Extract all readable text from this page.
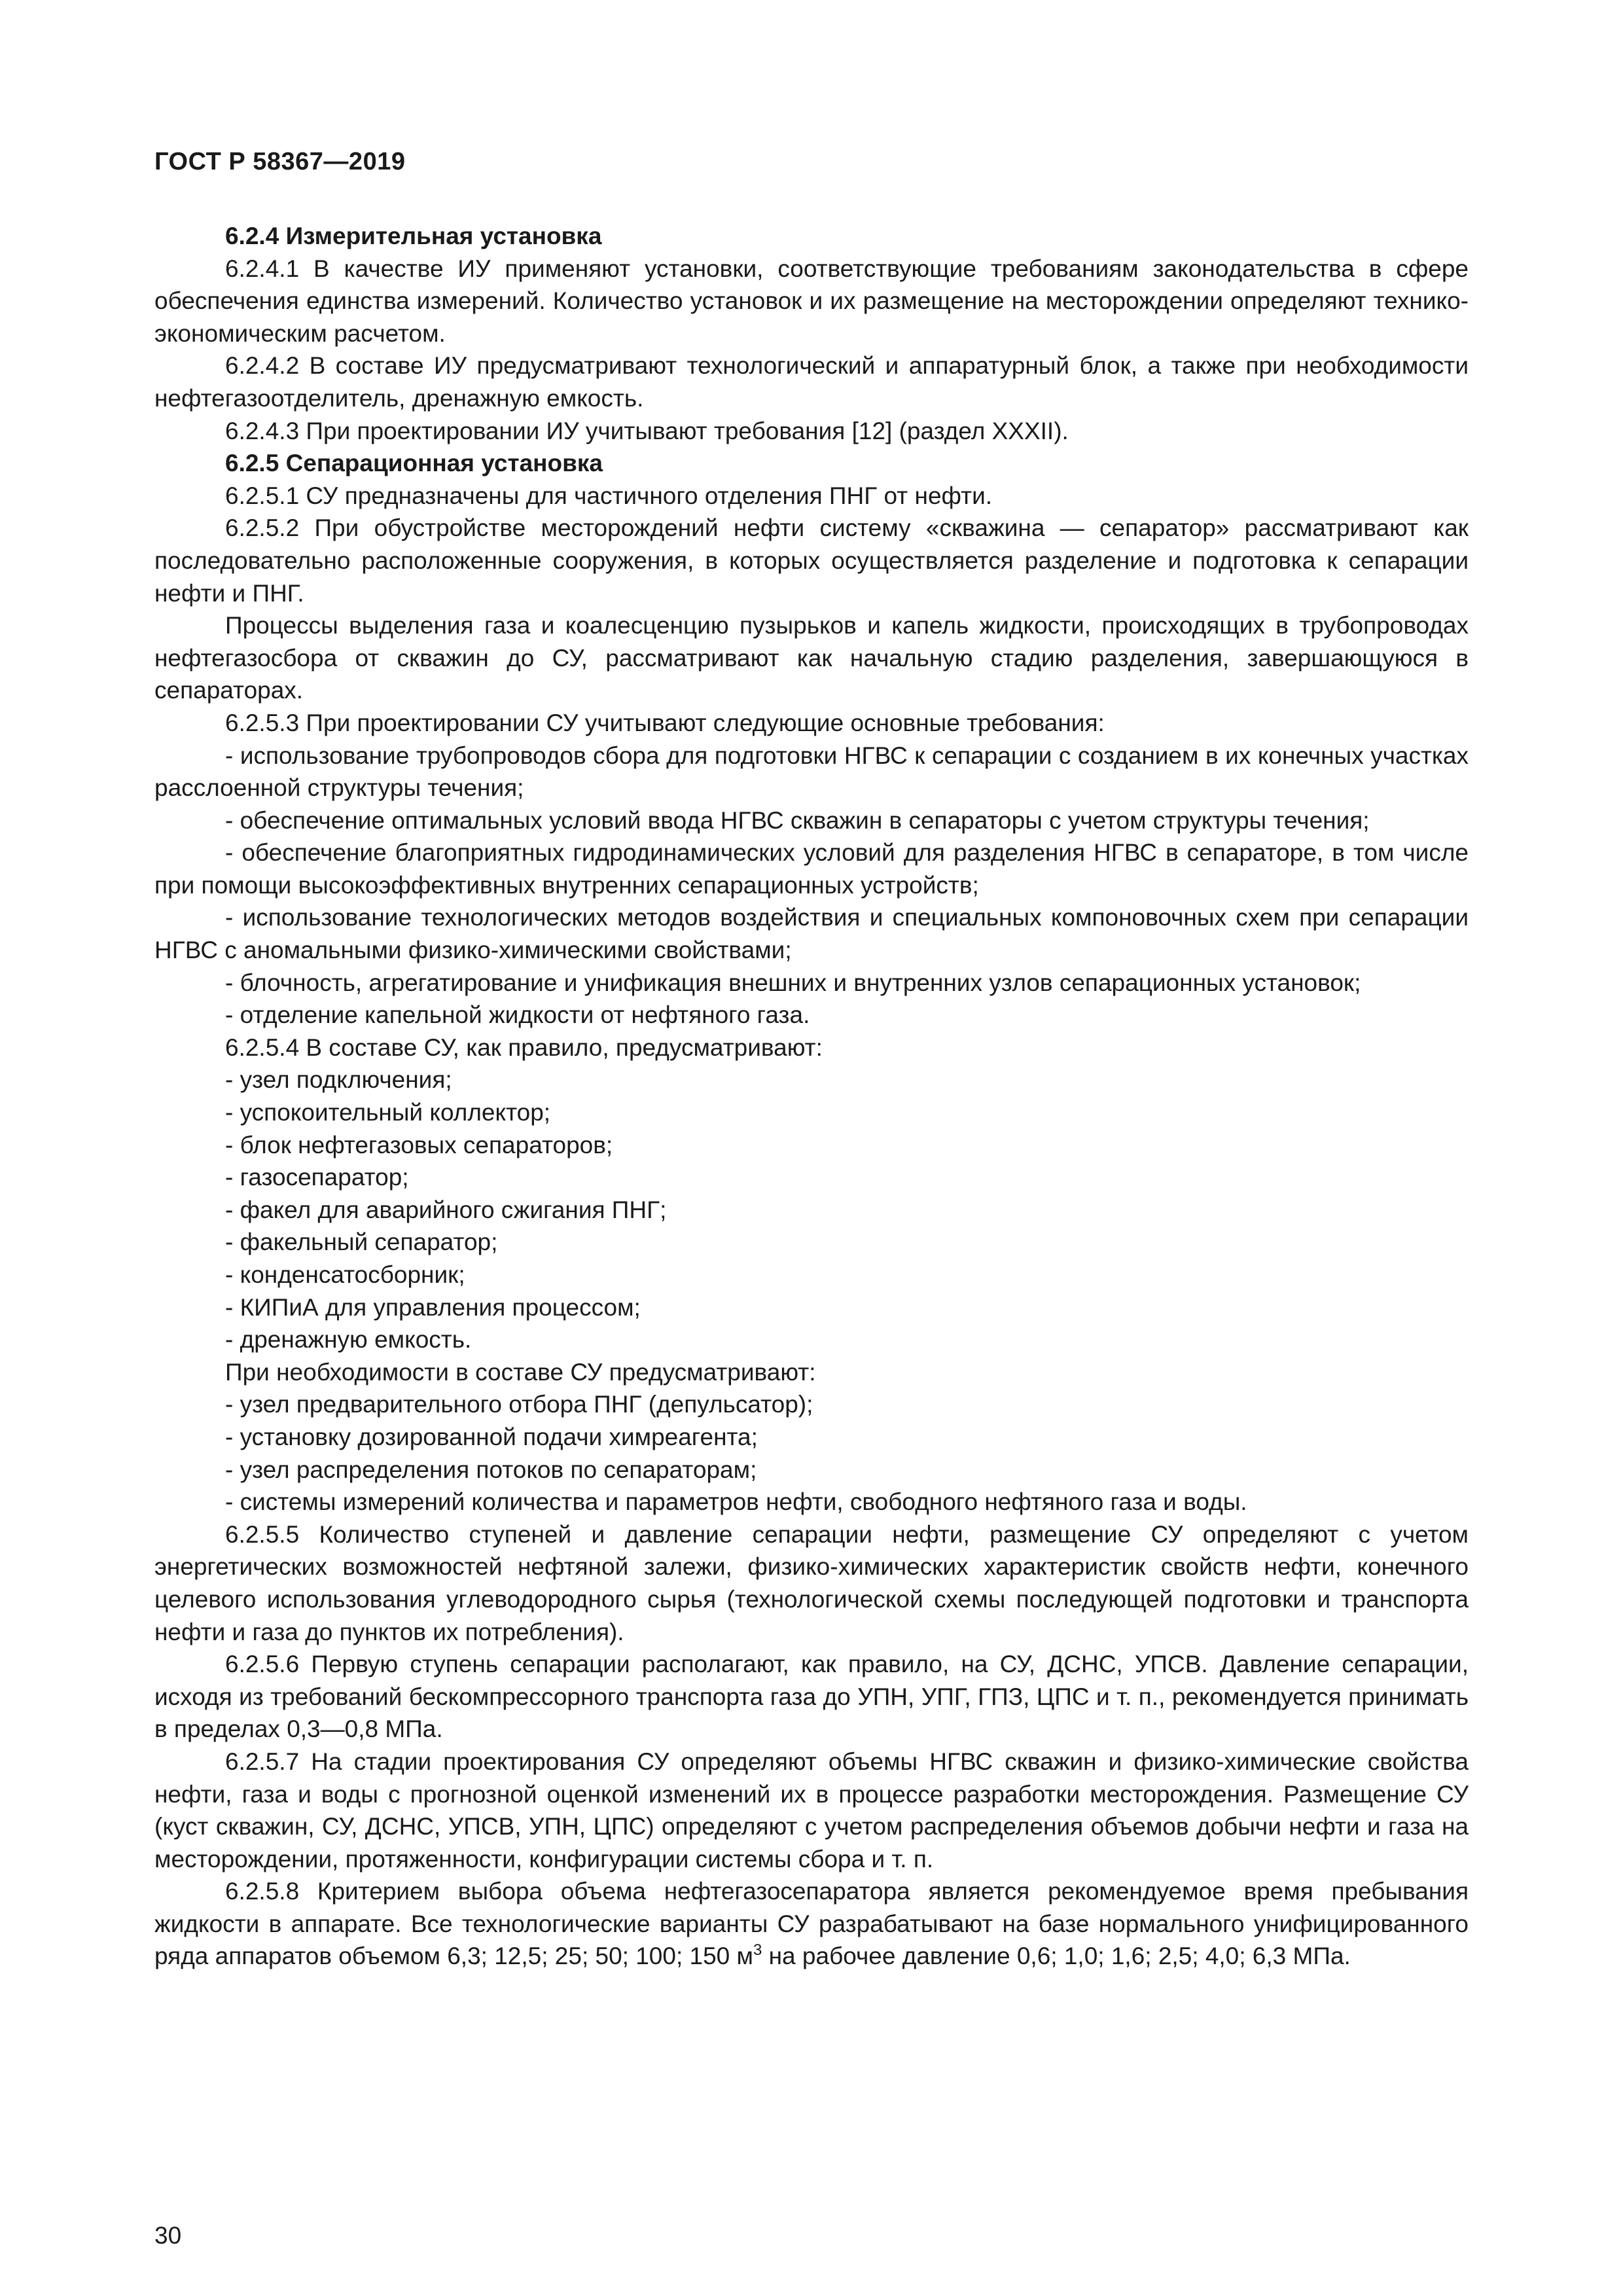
ГОСТ Р 58367—2019

6.2.4 Измерительная установка

6.2.4.1 В качестве ИУ применяют установки, соответствующие требованиям законодательства в сфере обеспечения единства измерений. Количество установок и их размещение на месторождении определяют технико-экономическим расчетом.

6.2.4.2 В составе ИУ предусматривают технологический и аппаратурный блок, а также при необходимости нефтегазоотделитель, дренажную емкость.

6.2.4.3 При проектировании ИУ учитывают требования [12] (раздел XXXII).

6.2.5 Сепарационная установка

6.2.5.1 СУ предназначены для частичного отделения ПНГ от нефти.

6.2.5.2 При обустройстве месторождений нефти систему «скважина — сепаратор» рассматривают как последовательно расположенные сооружения, в которых осуществляется разделение и подготовка к сепарации нефти и ПНГ.

Процессы выделения газа и коалесценцию пузырьков и капель жидкости, происходящих в трубопроводах нефтегазосбора от скважин до СУ, рассматривают как начальную стадию разделения, завершающуюся в сепараторах.

6.2.5.3 При проектировании СУ учитывают следующие основные требования:

- использование трубопроводов сбора для подготовки НГВС к сепарации с созданием в их конечных участках расслоенной структуры течения;

- обеспечение оптимальных условий ввода НГВС скважин в сепараторы с учетом структуры течения;

- обеспечение благоприятных гидродинамических условий для разделения НГВС в сепараторе, в том числе при помощи высокоэффективных внутренних сепарационных устройств;

- использование технологических методов воздействия и специальных компоновочных схем при сепарации НГВС с аномальными физико-химическими свойствами;

- блочность, агрегатирование и унификация внешних и внутренних узлов сепарационных установок;

- отделение капельной жидкости от нефтяного газа.

6.2.5.4 В составе СУ, как правило, предусматривают:

- узел подключения;

- успокоительный коллектор;

- блок нефтегазовых сепараторов;

- газосепаратор;

- факел для аварийного сжигания ПНГ;

- факельный сепаратор;

- конденсатосборник;

- КИПиА для управления процессом;

- дренажную емкость.

При необходимости в составе СУ предусматривают:

- узел предварительного отбора ПНГ (депульсатор);

- установку дозированной подачи химреагента;

- узел распределения потоков по сепараторам;

- системы измерений количества и параметров нефти, свободного нефтяного газа и воды.

6.2.5.5 Количество ступеней и давление сепарации нефти, размещение СУ определяют с учетом энергетических возможностей нефтяной залежи, физико-химических характеристик свойств нефти, конечного целевого использования углеводородного сырья (технологической схемы последующей подготовки и транспорта нефти и газа до пунктов их потребления).

6.2.5.6 Первую ступень сепарации располагают, как правило, на СУ, ДСНС, УПСВ. Давление сепарации, исходя из требований бескомпрессорного транспорта газа до УПН, УПГ, ГПЗ, ЦПС и т. п., рекомендуется принимать в пределах 0,3—0,8 МПа.

6.2.5.7 На стадии проектирования СУ определяют объемы НГВС скважин и физико-химические свойства нефти, газа и воды с прогнозной оценкой изменений их в процессе разработки месторождения. Размещение СУ (куст скважин, СУ, ДСНС, УПСВ, УПН, ЦПС) определяют с учетом распределения объемов добычи нефти и газа на месторождении, протяженности, конфигурации системы сбора и т. п.

6.2.5.8 Критерием выбора объема нефтегазосепаратора является рекомендуемое время пребывания жидкости в аппарате. Все технологические варианты СУ разрабатывают на базе нормального унифицированного ряда аппаратов объемом 6,3; 12,5; 25; 50; 100; 150 $м^3$ на рабочее давление 0,6; 1,0; 1,6; 2,5; 4,0; 6,3 МПа.

30
